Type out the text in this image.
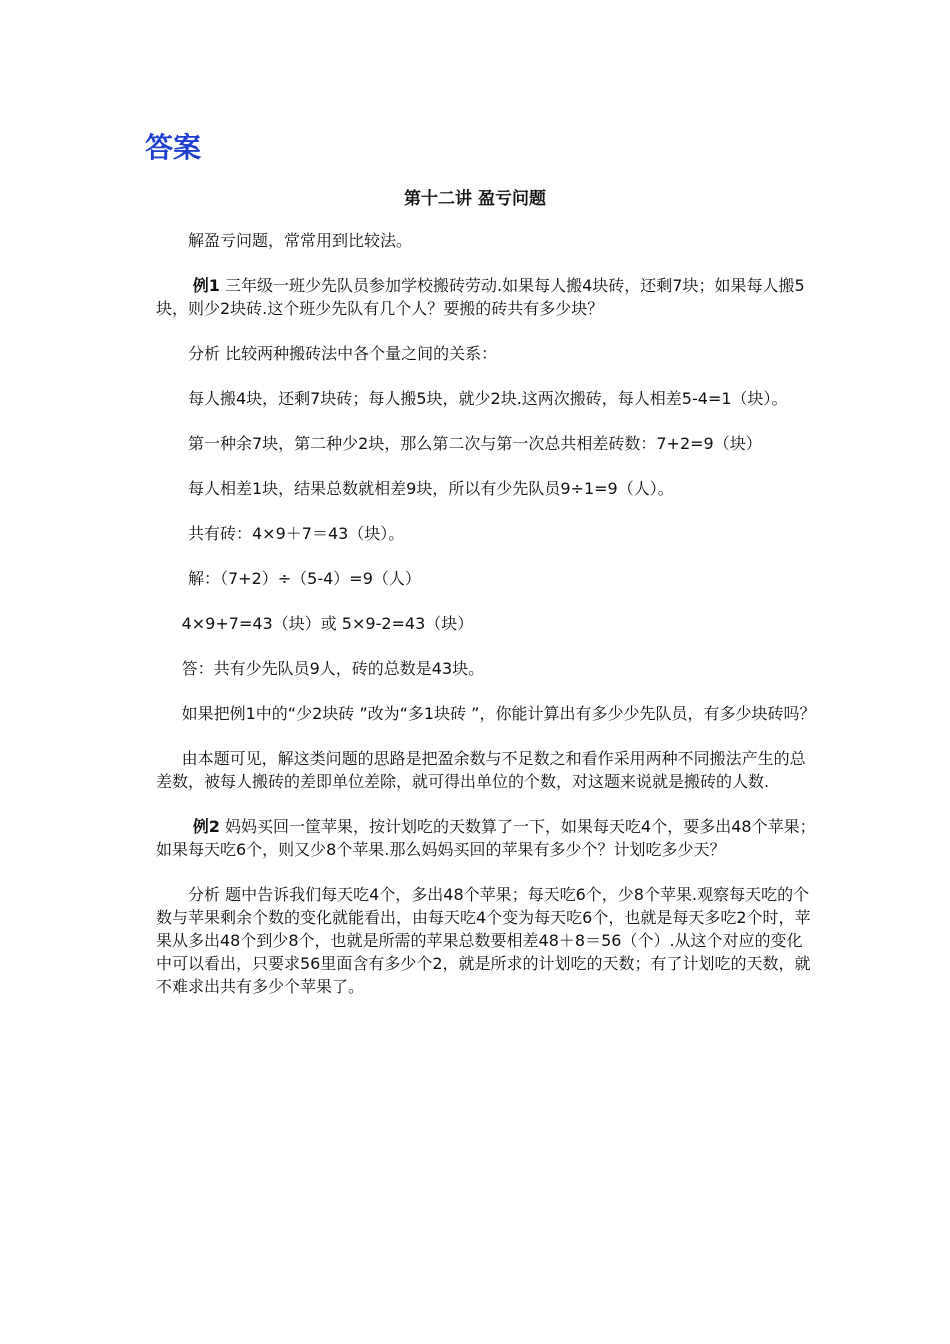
答案
第十二讲 盈亏问题

解盈亏问题，常常用到比较法。

例1 三年级一班少先队员参加学校搬砖劳动.如果每人搬4块砖，还剩7块；如果每人搬5块，则少2块砖.这个班少先队有几个人？要搬的砖共有多少块？

分析 比较两种搬砖法中各个量之间的关系：

每人搬4块，还剩7块砖；每人搬5块，就少2块.这两次搬砖，每人相差5-4=1（块）。

第一种余7块，第二种少2块，那么第二次与第一次总共相差砖数：7+2=9（块）

每人相差1块，结果总数就相差9块，所以有少先队员9÷1=9（人）。

共有砖：4×9＋7＝43（块）。

解：（7+2）÷（5-4）=9（人）

4×9+7=43（块）或 5×9-2=43（块）

答：共有少先队员9人，砖的总数是43块。

如果把例1中的“少2块砖 ”改为“多1块砖 ”，你能计算出有多少少先队员，有多少块砖吗？

由本题可见，解这类问题的思路是把盈余数与不足数之和看作采用两种不同搬法产生的总差数，被每人搬砖的差即单位差除，就可得出单位的个数，对这题来说就是搬砖的人数.

例2 妈妈买回一筐苹果，按计划吃的天数算了一下，如果每天吃4个，要多出48个苹果；如果每天吃6个，则又少8个苹果.那么妈妈买回的苹果有多少个？计划吃多少天？

分析 题中告诉我们每天吃4个，多出48个苹果；每天吃6个，少8个苹果.观察每天吃的个数与苹果剩余个数的变化就能看出，由每天吃4个变为每天吃6个，也就是每天多吃2个时，苹果从多出48个到少8个，也就是所需的苹果总数要相差48＋8＝56（个）.从这个对应的变化中可以看出，只要求56里面含有多少个2，就是所求的计划吃的天数；有了计划吃的天数，就不难求出共有多少个苹果了。
